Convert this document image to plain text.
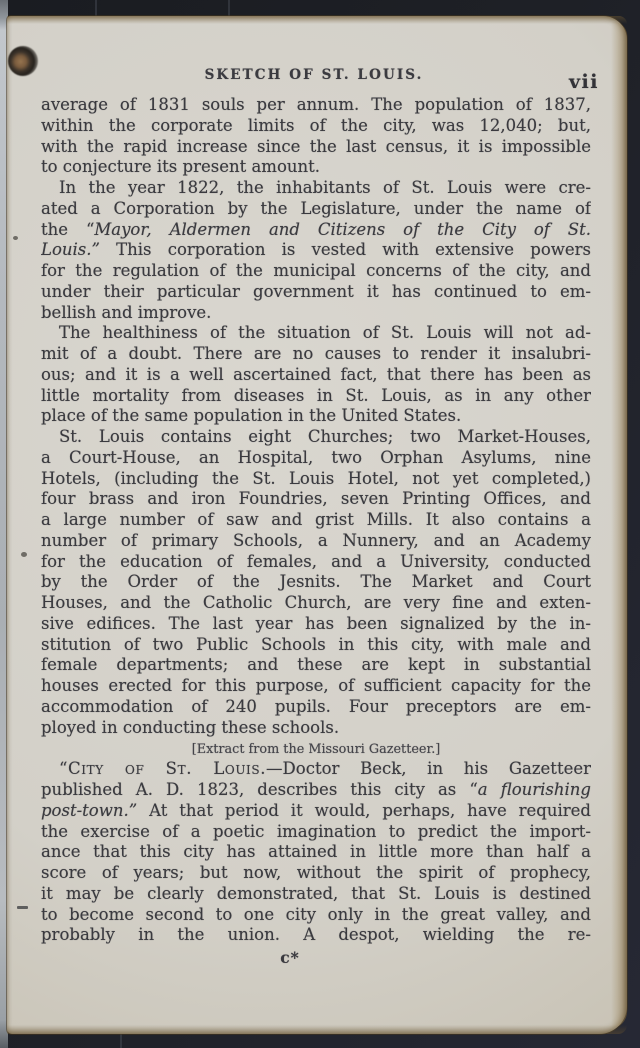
SKETCH OF ST. LOUIS.	vii
average of 1831 souls per annum. The population of 1837,
within the corporate limits of the city, was 12,040; but,
with the rapid increase since the last census, it is impossible
to conjecture its present amount.
In the year 1822, the inhabitants of St. Louis were cre-
ated a Corporation by the Legislature, under the name of
the “Mayor, Aldermen and Citizens of the City of St.
Louis.” This corporation is vested with extensive powers
for the regulation of the municipal concerns of the city, and
under their particular government it has continued to em-
bellish and improve.
The healthiness of the situation of St. Louis will not ad-
mit of a doubt. There are no causes to render it insalubri-
ous; and it is a well ascertained fact, that there has been as
little mortality from diseases in St. Louis, as in any other
place of the same population in the United States.
St. Louis contains eight Churches; two Market-Houses,
a Court-House, an Hospital, two Orphan Asylums, nine
Hotels, (including the St. Louis Hotel, not yet completed,)
four brass and iron Foundries, seven Printing Offices, and
a large number of saw and grist Mills. It also contains a
number of primary Schools, a Nunnery, and an Academy
for the education of females, and a University, conducted
by the Order of the Jesnits. The Market and Court
Houses, and the Catholic Church, are very fine and exten-
sive edifices. The last year has been signalized by the in-
stitution of two Public Schools in this city, with male and
female departments; and these are kept in substantial
houses erected for this purpose, of sufficient capacity for the
accommodation of 240 pupils. Four preceptors are em-
ployed in conducting these schools.
[Extract from the Missouri Gazetteer.]
“City of St. Louis.—Doctor Beck, in his Gazetteer
published A. D. 1823, describes this city as “a flourishing
post-town.” At that period it would, perhaps, have required
the exercise of a poetic imagination to predict the import-
ance that this city has attained in little more than half a
score of years; but now, without the spirit of prophecy,
it may be clearly demonstrated, that St. Louis is destined
to become second to one city only in the great valley, and
probably in the union. A despot, wielding the re-
c*
